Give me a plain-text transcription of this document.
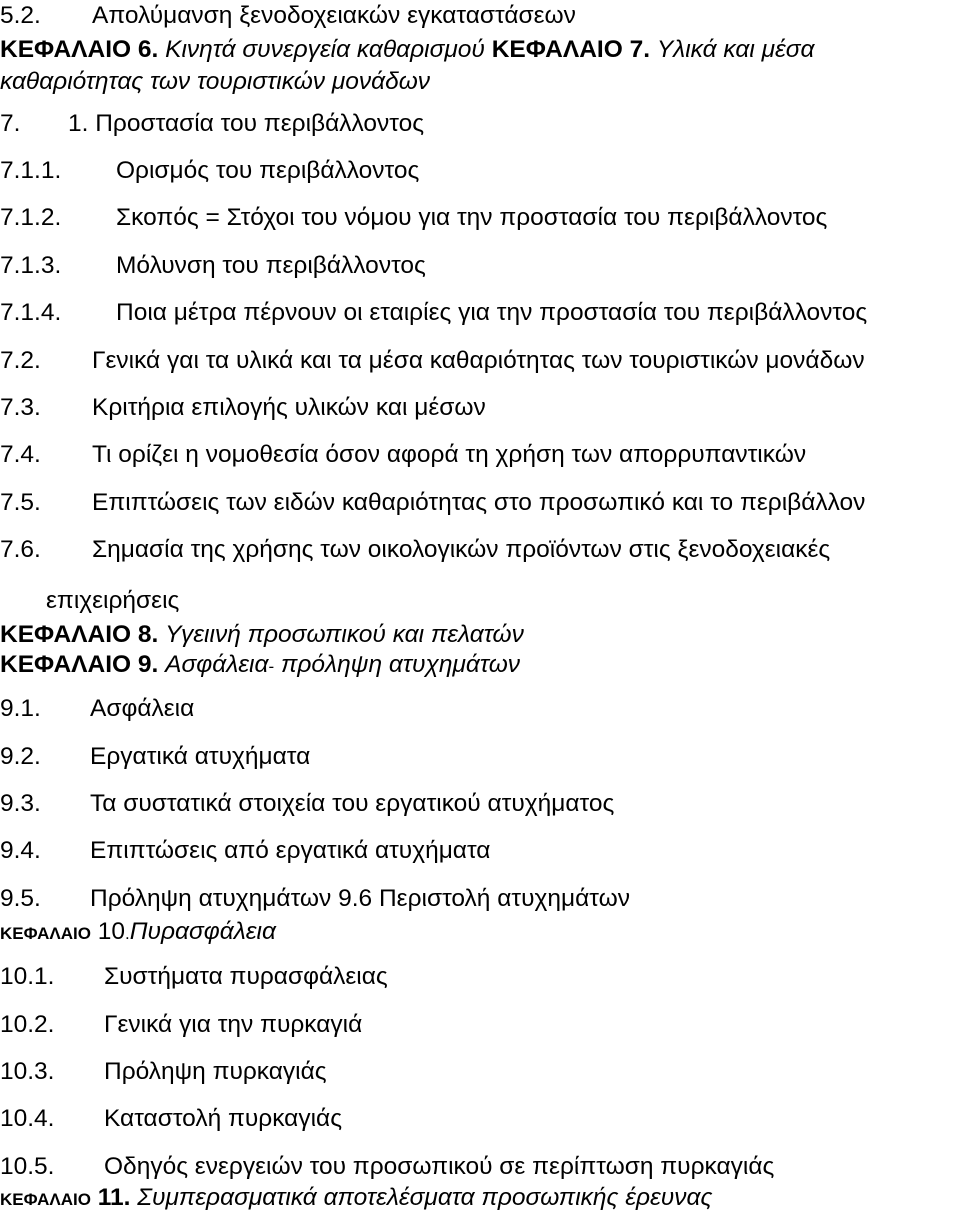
5.2. Απολύμανση ξενοδοχειακών εγκαταστάσεων
ΚΕΦΑΛΑΙΟ 6. Κινητά συνεργεία καθαρισμού ΚΕΦΑΛΑΙΟ 7. Υλικά και μέσα
καθαριότητας των τουριστικών μονάδων
7. 1. Προστασία του περιβάλλοντος
7.1.1. Ορισμός του περιβάλλοντος
7.1.2. Σκοπός = Στόχοι του νόμου για την προστασία του περιβάλλοντος
7.1.3. Μόλυνση του περιβάλλοντος
7.1.4. Ποια μέτρα πέρνουν οι εταιρίες για την προστασία του περιβάλλοντος
7.2. Γενικά γαι τα υλικά και τα μέσα καθαριότητας των τουριστικών μονάδων
7.3. Κριτήρια επιλογής υλικών και μέσων
7.4. Τι ορίζει η νομοθεσία όσον αφορά τη χρήση των απορρυπαντικών
7.5. Επιπτώσεις των ειδών καθαριότητας στο προσωπικό και το περιβάλλον
7.6. Σημασία της χρήσης των οικολογικών προϊόντων στις ξενοδοχειακές
επιχειρήσεις
ΚΕΦΑΛΑΙΟ 8. Υγειινή προσωπικού και πελατών
ΚΕΦΑΛΑΙΟ 9. Ασφάλεια- πρόληψη ατυχημάτων
9.1. Ασφάλεια
9.2. Εργατικά ατυχήματα
9.3. Τα συστατικά στοιχεία του εργατικού ατυχήματος
9.4. Επιπτώσεις από εργατικά ατυχήματα
9.5. Πρόληψη ατυχημάτων 9.6 Περιστολή ατυχημάτων
ΚΕΦΑΛΑΙΟ 10.Πυρασφάλεια
10.1. Συστήματα πυρασφάλειας
10.2. Γενικά για την πυρκαγιά
10.3. Πρόληψη πυρκαγιάς
10.4. Καταστολή πυρκαγιάς
10.5. Οδηγός ενεργειών του προσωπικού σε περίπτωση πυρκαγιάς
ΚΕΦΑΛΑΙΟ 11. Συμπερασματικά αποτελέσματα προσωπικής έρευνας
